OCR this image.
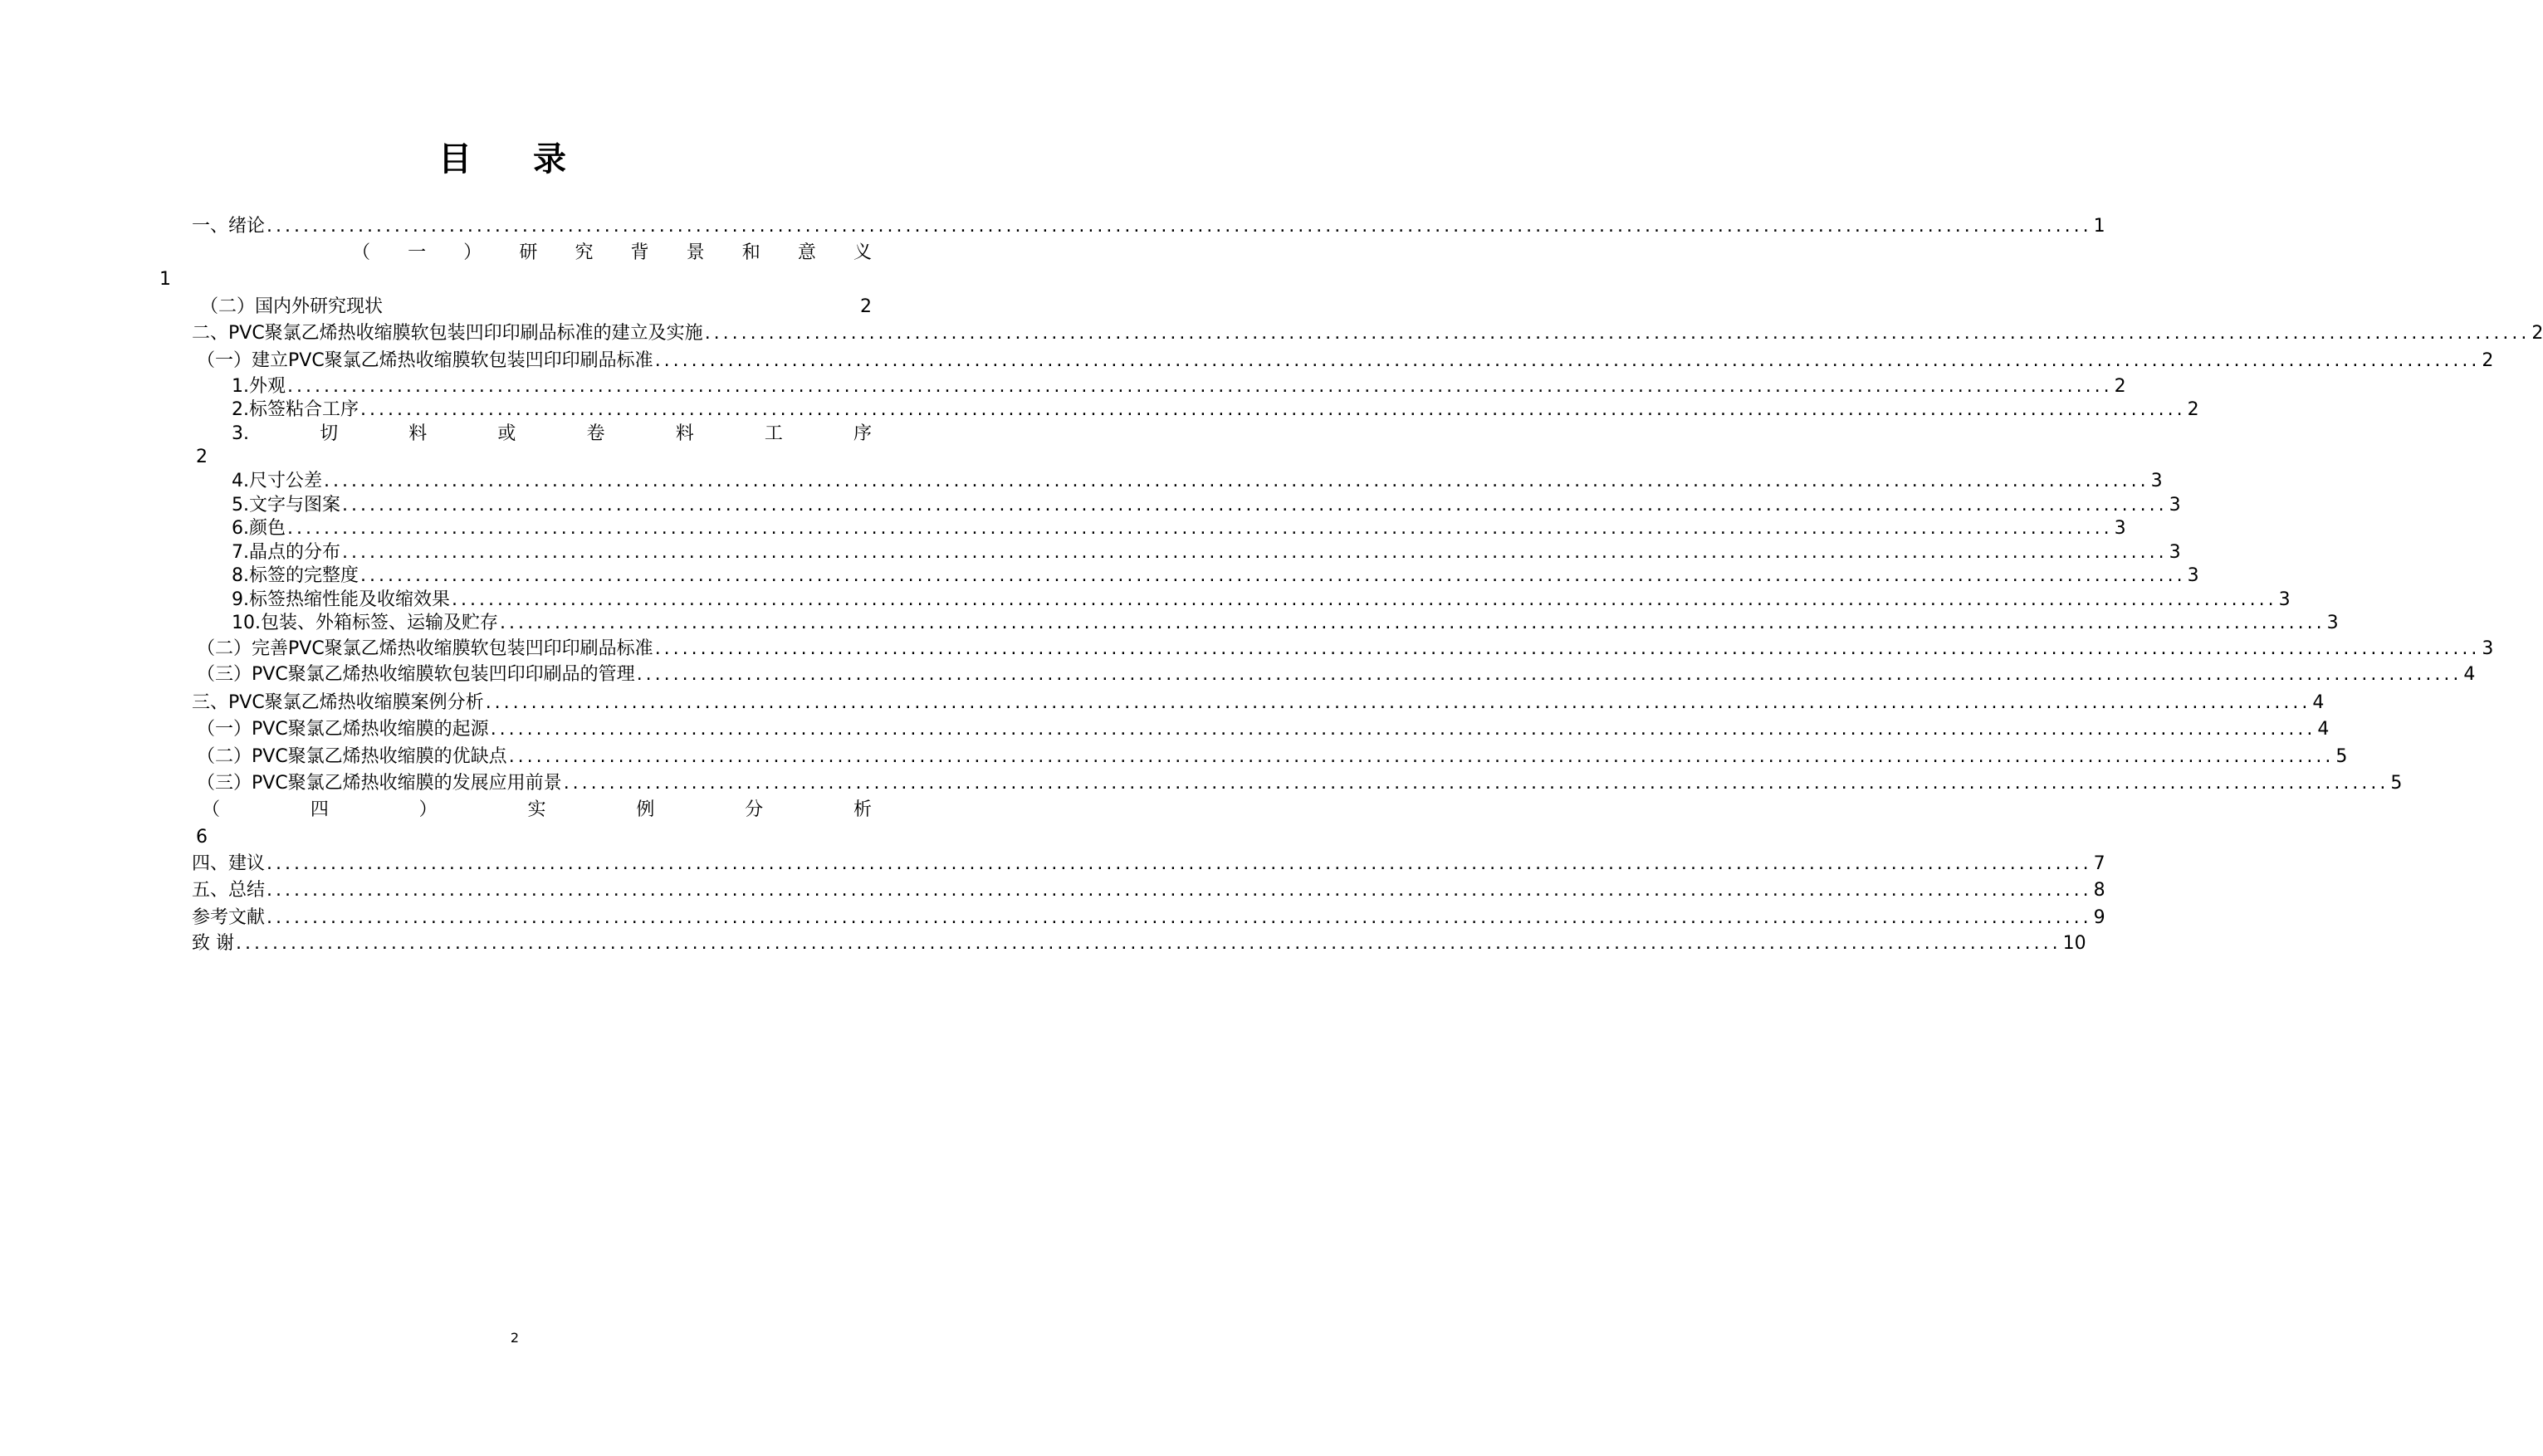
目 录
一、绪论 ........................................................................................................................................................................................................ 1
（一）研究背景和意义
1
（二）国内外研究现状	2
二、PVC聚氯乙烯热收缩膜软包装凹印印刷品标准的建立及实施 ........................................................................................................................................................................................................ 2
（一）建立PVC聚氯乙烯热收缩膜软包装凹印印刷品标准 ........................................................................................................................................................................................................ 2
1.外观 ........................................................................................................................................................................................................ 2
2.标签粘合工序 ........................................................................................................................................................................................................ 2
3.切料或卷料工序
2
4.尺寸公差 ........................................................................................................................................................................................................ 3
5.文字与图案 ........................................................................................................................................................................................................ 3
6.颜色 ........................................................................................................................................................................................................ 3
7.晶点的分布 ........................................................................................................................................................................................................ 3
8.标签的完整度 ........................................................................................................................................................................................................ 3
9.标签热缩性能及收缩效果 ........................................................................................................................................................................................................ 3
10.包装、外箱标签、运输及贮存 ........................................................................................................................................................................................................ 3
（二）完善PVC聚氯乙烯热收缩膜软包装凹印印刷品标准 ........................................................................................................................................................................................................ 3
（三）PVC聚氯乙烯热收缩膜软包装凹印印刷品的管理 ........................................................................................................................................................................................................ 4
三、PVC聚氯乙烯热收缩膜案例分析 ........................................................................................................................................................................................................ 4
（一）PVC聚氯乙烯热收缩膜的起源 ........................................................................................................................................................................................................ 4
（二）PVC聚氯乙烯热收缩膜的优缺点 ........................................................................................................................................................................................................ 5
（三）PVC聚氯乙烯热收缩膜的发展应用前景 ........................................................................................................................................................................................................ 5
（四）实例分析
6
四、建议 ........................................................................................................................................................................................................ 7
五、总结 ........................................................................................................................................................................................................ 8
参考文献 ........................................................................................................................................................................................................ 9
致 谢 ........................................................................................................................................................................................................ 10
2
